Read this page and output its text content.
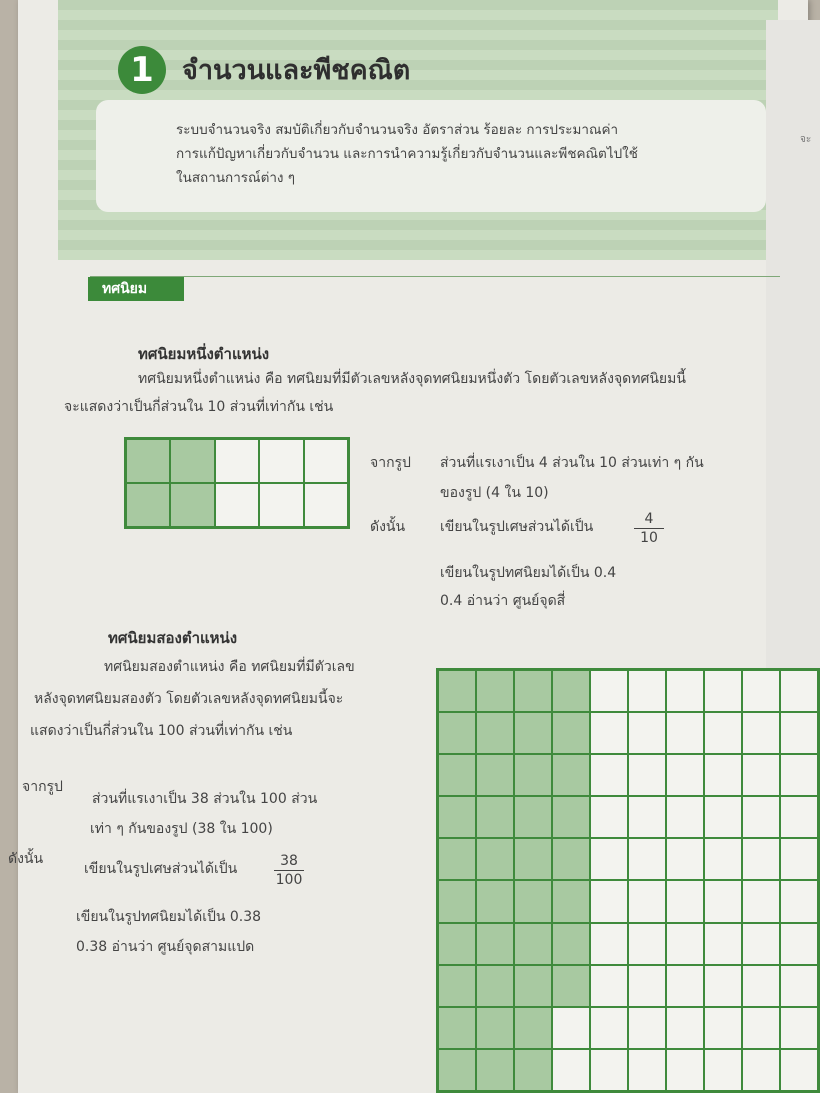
จะ
1	จำนวนและพีชคณิต

ระบบจำนวนจริง สมบัติเกี่ยวกับจำนวนจริง อัตราส่วน ร้อยละ การประมาณค่า
การแก้ปัญหาเกี่ยวกับจำนวน และการนำความรู้เกี่ยวกับจำนวนและพีชคณิตไปใช้
ในสถานการณ์ต่าง ๆ

ทศนิยม
ทศนิยมหนึ่งตำแหน่ง
ทศนิยมหนึ่งตำแหน่ง คือ ทศนิยมที่มีตัวเลขหลังจุดทศนิยมหนึ่งตัว โดยตัวเลขหลังจุดทศนิยมนี้
จะแสดงว่าเป็นกี่ส่วนใน 10 ส่วนที่เท่ากัน เช่น
จากรูป ส่วนที่แรเงาเป็น 4 ส่วนใน 10 ส่วนเท่า ๆ กัน
ของรูป (4 ใน 10)
ดังนั้น เขียนในรูปเศษส่วนได้เป็น	$\frac{4}{10}$
เขียนในรูปทศนิยมได้เป็น 0.4
0.4 อ่านว่า ศูนย์จุดสี่
ทศนิยมสองตำแหน่ง
ทศนิยมสองตำแหน่ง คือ ทศนิยมที่มีตัวเลข
หลังจุดทศนิยมสองตัว โดยตัวเลขหลังจุดทศนิยมนี้จะ
แสดงว่าเป็นกี่ส่วนใน 100 ส่วนที่เท่ากัน เช่น
จากรูป
ส่วนที่แรเงาเป็น 38 ส่วนใน 100 ส่วน
เท่า ๆ กันของรูป (38 ใน 100)
ดังนั้น
เขียนในรูปเศษส่วนได้เป็น	$\frac{38}{100}$
เขียนในรูปทศนิยมได้เป็น 0.38
0.38 อ่านว่า ศูนย์จุดสามแปด
